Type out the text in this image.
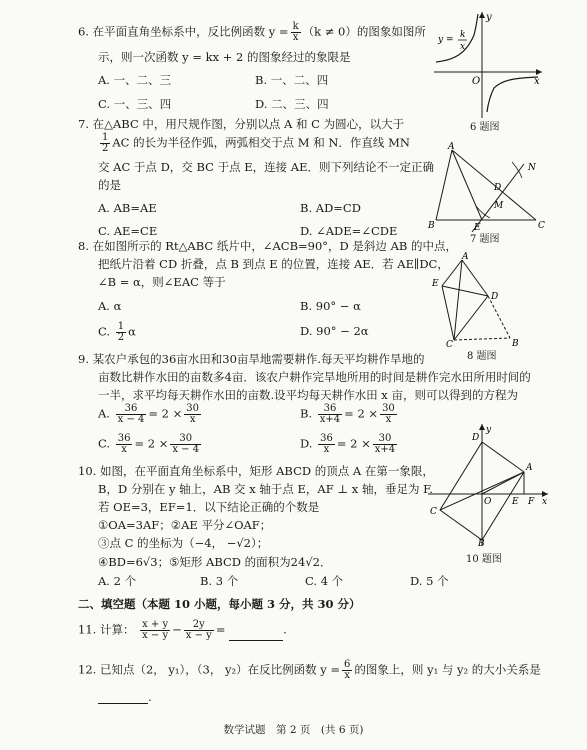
6. 在平面直角坐标系中，反比例函数 $y = \frac{k}{x} (k \ne 0)$的图象如图所
示，则一次函数 y = kx + 2 的图象经过的象限是
A. 一、二、三	B. 一、二、四
C. 一、三、四	D. 二、三、四
y
x
O
y = k
x
6 题图
7. 在△ABC 中，用尺规作图，分别以点 A 和 C 为圆心，以大于
$\frac{1}{2}$ AC 的长为半径作弧，两弧相交于点 M 和 N．作直线 MN
交 AC 于点 D，交 BC 于点 E，连接 AE．则下列结论不一定正确
的是
A. AB=AE	B. AD=CD
C. AE=CE	D. ∠ADE=∠CDE
A
B	C
D
E
M
N
7 题图
8. 在如图所示的 Rt△ABC 纸片中，∠ACB=90°，D 是斜边 AB 的中点，
把纸片沿着 CD 折叠，点 B 到点 E 的位置，连接 AE．若 AE∥DC，
∠B = α，则∠EAC 等于
A. α	B. 90° − α
C. $\frac{1}{2}$ α	D. 90° − 2α
A
E
D
C	B
8 题图
9. 某农户承包的36亩水田和30亩旱地需要耕作.每天平均耕作旱地的
亩数比耕作水田的亩数多4亩．该农户耕作完旱地所用的时间是耕作完水田所用时间的
一半，求平均每天耕作水田的亩数.设平均每天耕作水田 x 亩，则可以得到的方程为
A. $\frac{36}{x - 4} = 2 \times \frac{30}{x}$	B. $\frac{36}{x+4} = 2 \times \frac{30}{x}$
C. $\frac{36}{x} = 2 \times \frac{30}{x - 4}$	D. $\frac{36}{x} = 2 \times \frac{30}{x+4}$
10. 如图，在平面直角坐标系中，矩形 ABCD 的顶点 A 在第一象限，
B，D 分别在 y 轴上，AB 交 x 轴于点 E，AF ⊥ x 轴，垂足为 F.
若 OE=3，EF=1．以下结论正确的个数是
①OA=3AF；②AE 平分∠OAF；
③点 C 的坐标为（−4， −√2）；
④BD=6√3；⑤矩形 ABCD 的面积为24√2．
A. 2 个	B. 3 个	C. 4 个	D. 5 个
y
x
D
A
O E F
C
B
10 题图
二、填空题（本题 10 小题，每小题 3 分，共 30 分）
11. 计算： $\frac{x + y}{x - y} - \frac{2y}{x - y}$ =	.
12. 已知点（2， y₁），（3， y₂）在反比例函数 $y = \frac{6}{x}$ 的图象上，则 y₁ 与 y₂ 的大小关系是
.
数学试题　第 2 页　(共 6 页)
